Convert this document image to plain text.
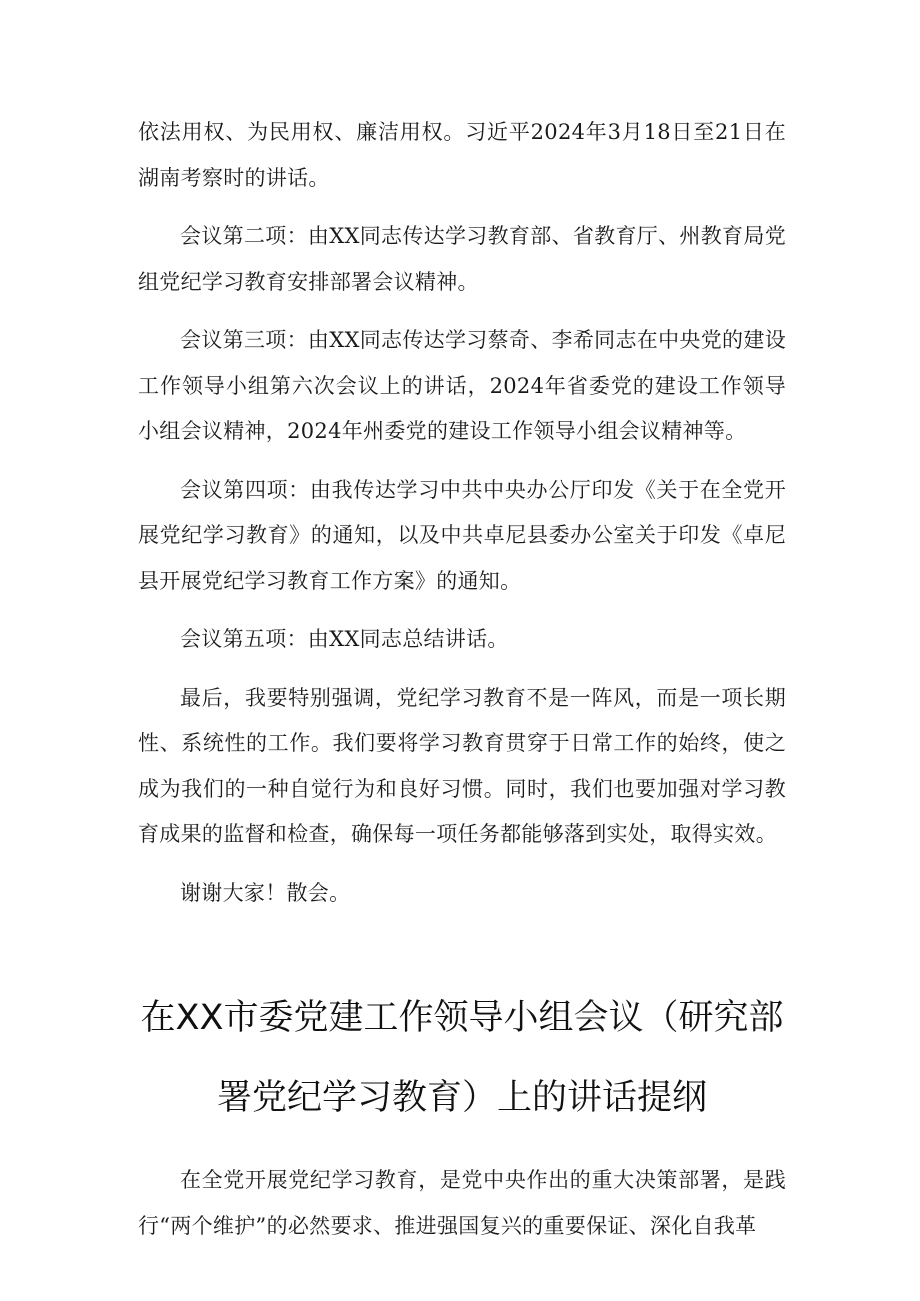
依法用权、为民用权、廉洁用权。习近平2024年3月18日至21日在湖南考察时的讲话。

会议第二项：由XX同志传达学习教育部、省教育厅、州教育局党组党纪学习教育安排部署会议精神。

会议第三项：由XX同志传达学习蔡奇、李希同志在中央党的建设工作领导小组第六次会议上的讲话，2024年省委党的建设工作领导小组会议精神，2024年州委党的建设工作领导小组会议精神等。

会议第四项：由我传达学习中共中央办公厅印发《关于在全党开展党纪学习教育》的通知，以及中共卓尼县委办公室关于印发《卓尼县开展党纪学习教育工作方案》的通知。

会议第五项：由XX同志总结讲话。

最后，我要特别强调，党纪学习教育不是一阵风，而是一项长期性、系统性的工作。我们要将学习教育贯穿于日常工作的始终，使之成为我们的一种自觉行为和良好习惯。同时，我们也要加强对学习教育成果的监督和检查，确保每一项任务都能够落到实处，取得实效。

谢谢大家！散会。

在XX市委党建工作领导小组会议（研究部
署党纪学习教育）上的讲话提纲

在全党开展党纪学习教育，是党中央作出的重大决策部署，是践行“两个维护”的必然要求、推进强国复兴的重要保证、深化自我革
